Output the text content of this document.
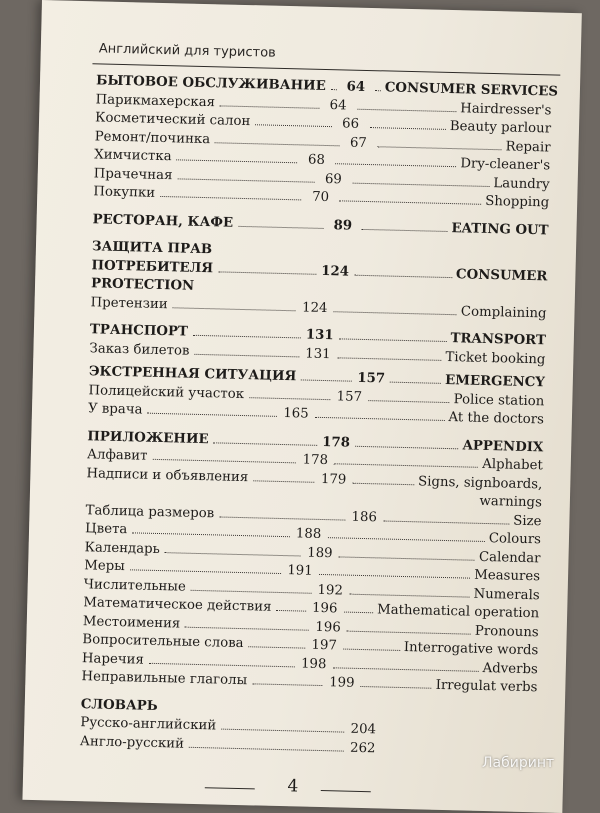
Английский для туристов
БЫТОВОЕ ОБСЛУЖИВАНИЕ	64	CONSUMER SERVICES
Парикмахерская	64	Hairdresser's
Косметический салон	66	Beauty parlour
Ремонт/починка	67	Repair
Химчистка	68	Dry-cleaner's
Прачечная	69	Laundry
Покупки	70	Shopping
РЕСТОРАН, КАФЕ	89	EATING OUT
ЗАЩИТА ПРАВ
ПОТРЕБИТЕЛЯ	124	CONSUMER
PROTECTION
Претензии	124	Complaining
ТРАНСПОРТ	131	TRANSPORT
Заказ билетов	131	Ticket booking
ЭКСТРЕННАЯ СИТУАЦИЯ	157	EMERGENCY
Полицейский участок	157	Police station
У врача	165	At the doctors
ПРИЛОЖЕНИЕ	178	APPENDIX
Алфавит	178	Alphabet
Надписи и объявления	179	Signs, signboards,
warnings
Таблица размеров	186	Size
Цвета	188	Colours
Календарь	189	Calendar
Меры	191	Measures
Числительные	192	Numerals
Математическое действия	196	Mathematical operation
Местоимения	196	Pronouns
Вопросительные слова	197	Interrogative words
Наречия	198	Adverbs
Неправильные глаголы	199	Irregulat verbs
СЛОВАРЬ
Русско-английский	204
Англо-русский	262
4
Лабиринт
